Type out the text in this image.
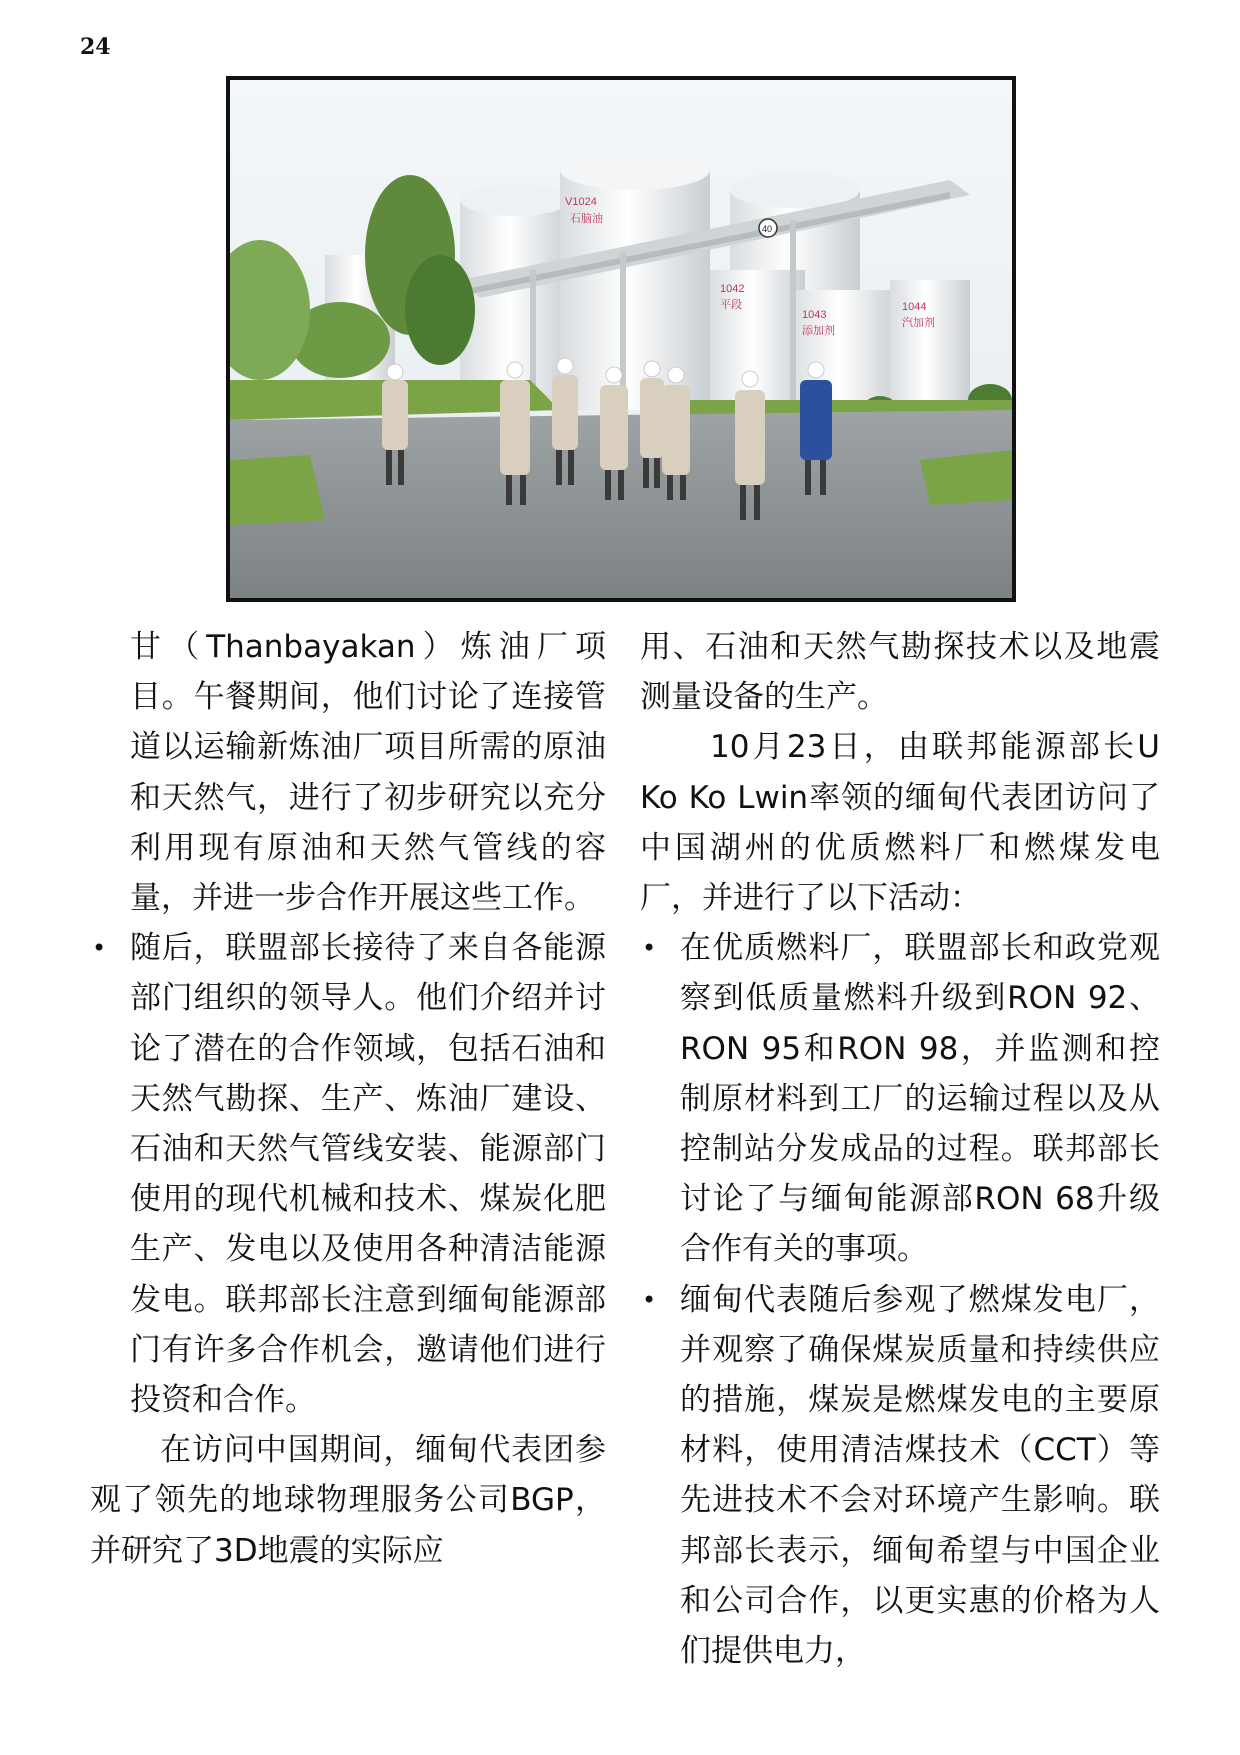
24
V1024
石脑油
1044
汽加剂
1043
添加剂
1042
平段
40

甘（Thanbayakan）炼油厂项目。午餐期间，他们讨论了连接管道以运输新炼油厂项目所需的原油和天然气，进行了初步研究以充分利用现有原油和天然气管线的容量，并进一步合作开展这些工作。

• 随后，联盟部长接待了来自各能源部门组织的领导人。他们介绍并讨论了潜在的合作领域，包括石油和天然气勘探、生产、炼油厂建设、石油和天然气管线安装、能源部门使用的现代机械和技术、煤炭化肥生产、发电以及使用各种清洁能源发电。联邦部长注意到缅甸能源部门有许多合作机会，邀请他们进行投资和合作。

在访问中国期间，缅甸代表团参观了领先的地球物理服务公司BGP，并研究了3D地震的实际应

用、石油和天然气勘探技术以及地震测量设备的生产。

10月23日，由联邦能源部长U Ko Ko Lwin率领的缅甸代表团访问了中国湖州的优质燃料厂和燃煤发电厂，并进行了以下活动：

• 在优质燃料厂，联盟部长和政党观察到低质量燃料升级到RON 92、RON 95和RON 98，并监测和控制原材料到工厂的运输过程以及从控制站分发成品的过程。联邦部长讨论了与缅甸能源部RON 68升级合作有关的事项。

• 缅甸代表随后参观了燃煤发电厂，并观察了确保煤炭质量和持续供应的措施，煤炭是燃煤发电的主要原材料，使用清洁煤技术（CCT）等先进技术不会对环境产生影响。联邦部长表示，缅甸希望与中国企业和公司合作，以更实惠的价格为人们提供电力，
